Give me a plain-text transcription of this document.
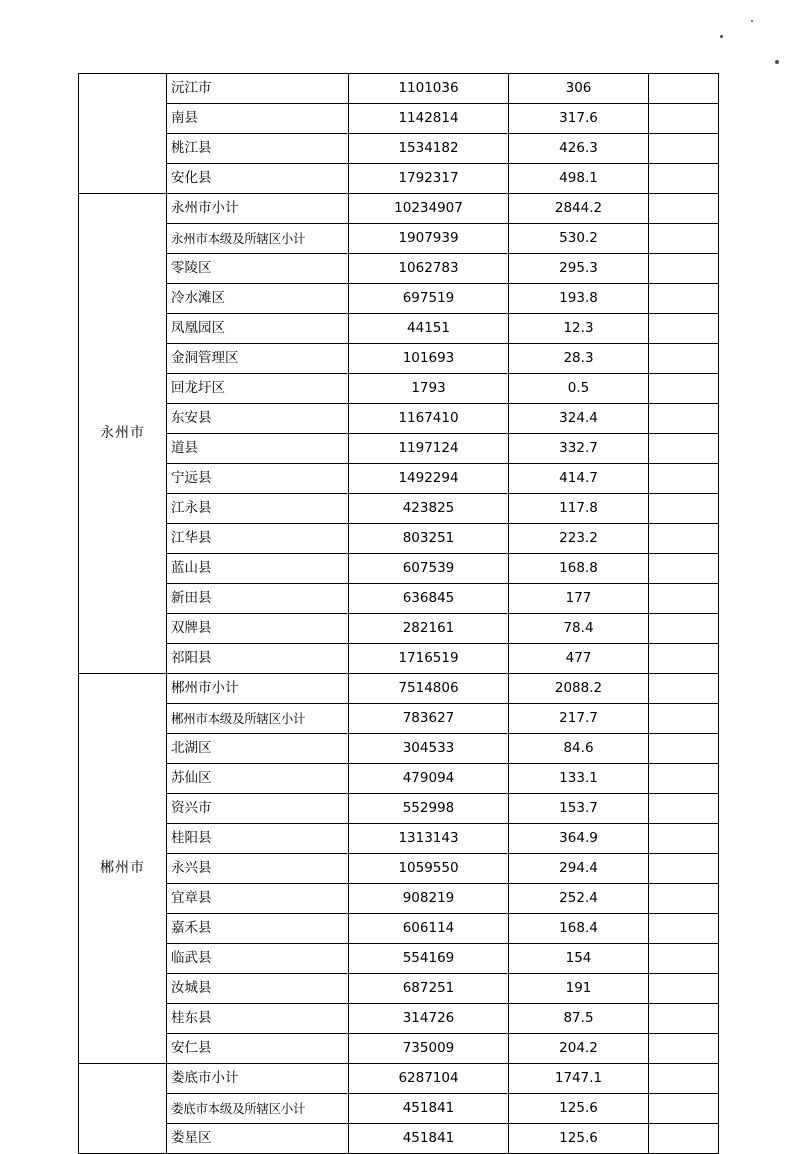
	沅江市	1101036	306	
	南县	1142814	317.6	
	桃江县	1534182	426.3	
	安化县	1792317	498.1	
永州市	永州市小计	10234907	2844.2	
	永州市本级及所辖区小计	1907939	530.2	
	零陵区	1062783	295.3	
	冷水滩区	697519	193.8	
	凤凰园区	44151	12.3	
	金洞管理区	101693	28.3	
	回龙圩区	1793	0.5	
	东安县	1167410	324.4	
	道县	1197124	332.7	
	宁远县	1492294	414.7	
	江永县	423825	117.8	
	江华县	803251	223.2	
	蓝山县	607539	168.8	
	新田县	636845	177	
	双牌县	282161	78.4	
	祁阳县	1716519	477	
郴州市	郴州市小计	7514806	2088.2	
	郴州市本级及所辖区小计	783627	217.7	
	北湖区	304533	84.6	
	苏仙区	479094	133.1	
	资兴市	552998	153.7	
	桂阳县	1313143	364.9	
	永兴县	1059550	294.4	
	宜章县	908219	252.4	
	嘉禾县	606114	168.4	
	临武县	554169	154	
	汝城县	687251	191	
	桂东县	314726	87.5	
	安仁县	735009	204.2	
	娄底市小计	6287104	1747.1	
	娄底市本级及所辖区小计	451841	125.6	
	娄星区	451841	125.6	
